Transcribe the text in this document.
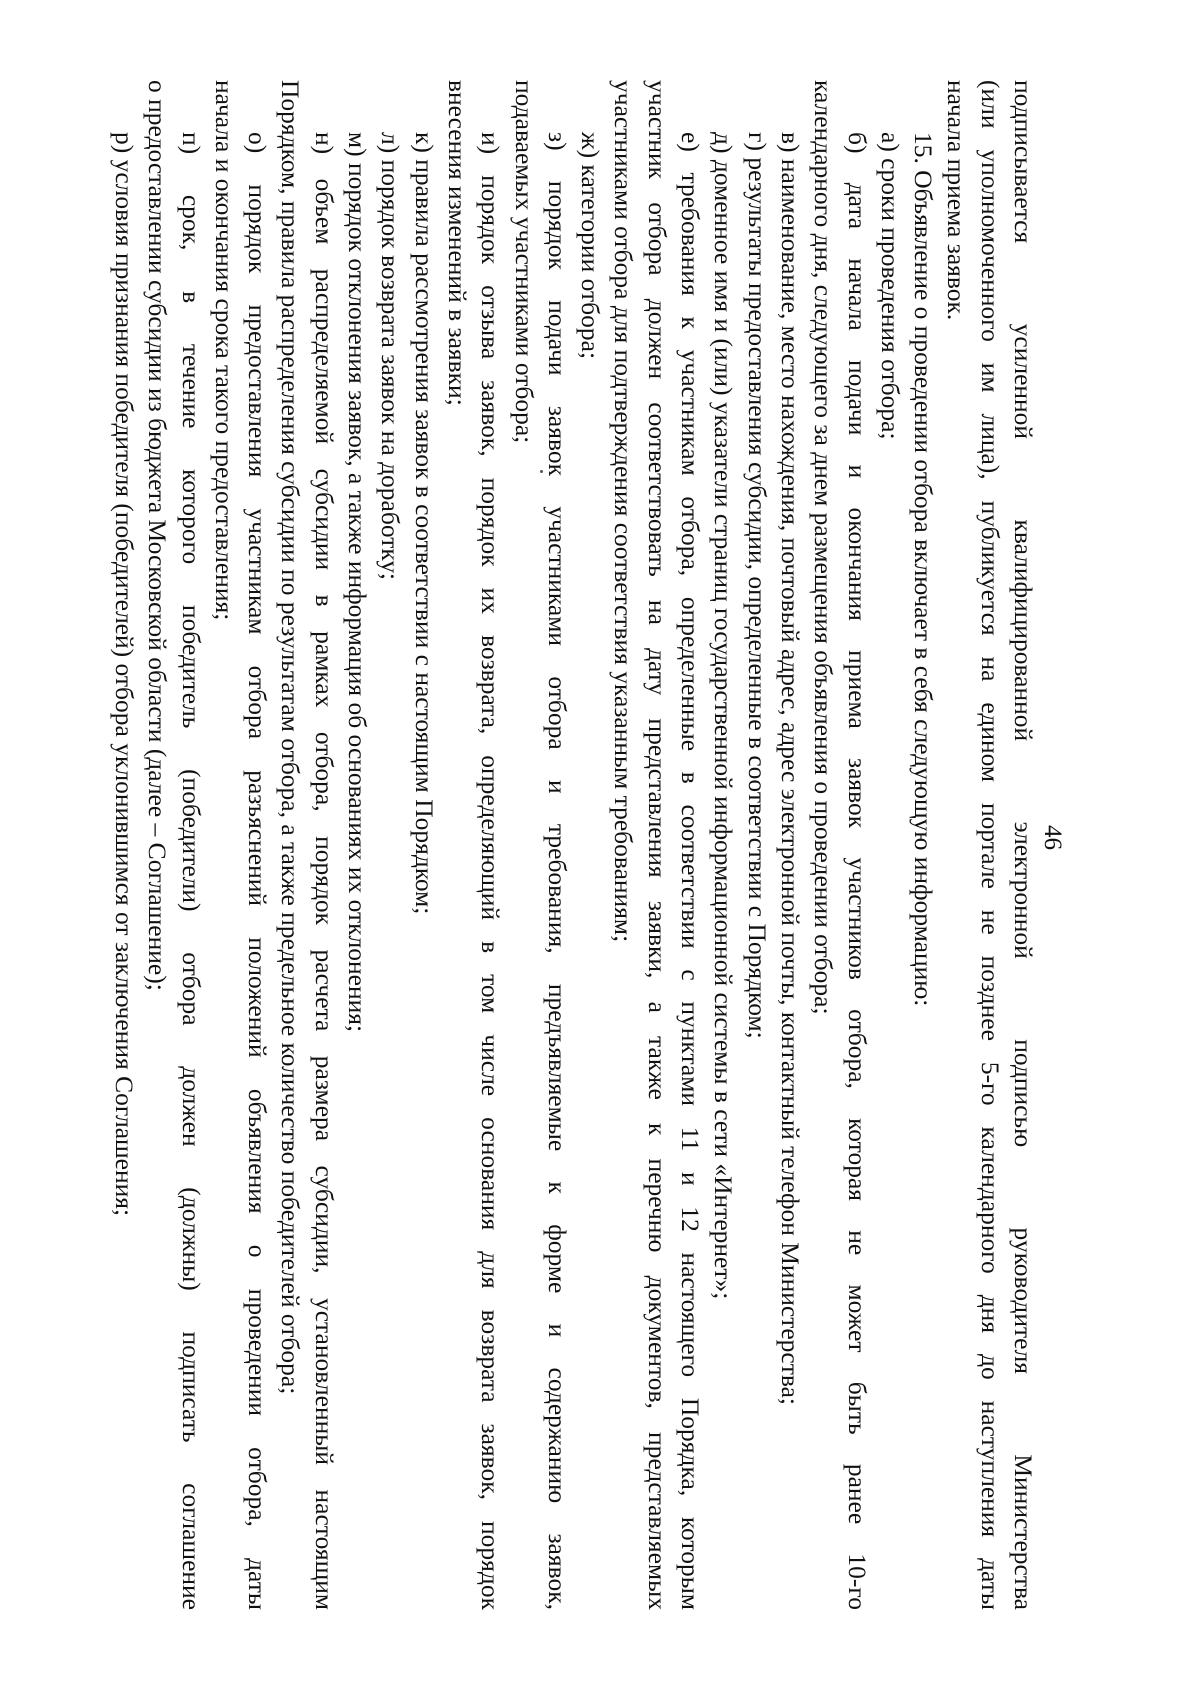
46

подписывается усиленной квалифицированной электронной подписью руководителя Министерства

(или уполномоченного им лица), публикуется на едином портале не позднее 5-го календарного дня до наступления даты

начала приема заявок.

15. Объявление о проведении отбора включает в себя следующую информацию:

а) сроки проведения отбора;

б) дата начала подачи и окончания приема заявок участников отбора, которая не может быть ранее 10-го

календарного дня, следующего за днем размещения объявления о проведении отбора;

в) наименование, место нахождения, почтовый адрес, адрес электронной почты, контактный телефон Министерства;

г) результаты предоставления субсидии, определенные в соответствии с Порядком;

д) доменное имя и (или) указатели страниц государственной информационной системы в сети «Интернет»;

е) требования к участникам отбора, определенные в соответствии с пунктами 11 и 12 настоящего Порядка, которым

участник отбора должен соответствовать на дату представления заявки, а также к перечню документов, представляемых

участниками отбора для подтверждения соответствия указанным требованиям;

ж) категории отбора;

з) порядок подачи заявок участниками отбора и требования, предъявляемые к форме и содержанию заявок,

подаваемых участниками отбора;

и) порядок отзыва заявок, порядок их возврата, определяющий в том числе основания для возврата заявок, порядок

внесения изменений в заявки;

к) правила рассмотрения заявок в соответствии с настоящим Порядком;

л) порядок возврата заявок на доработку;

м) порядок отклонения заявок, а также информация об основаниях их отклонения;

н) объем распределяемой субсидии в рамках отбора, порядок расчета размера субсидии, установленный настоящим

Порядком, правила распределения субсидии по результатам отбора, а также предельное количество победителей отбора;

о) порядок предоставления участникам отбора разъяснений положений объявления о проведении отбора, даты

начала и окончания срока такого предоставления;

п) срок, в течение которого победитель (победители) отбора должен (должны) подписать соглашение

о предоставлении субсидии из бюджета Московской области (далее – Соглашение);

р) условия признания победителя (победителей) отбора уклонившимся от заключения Соглашения;
